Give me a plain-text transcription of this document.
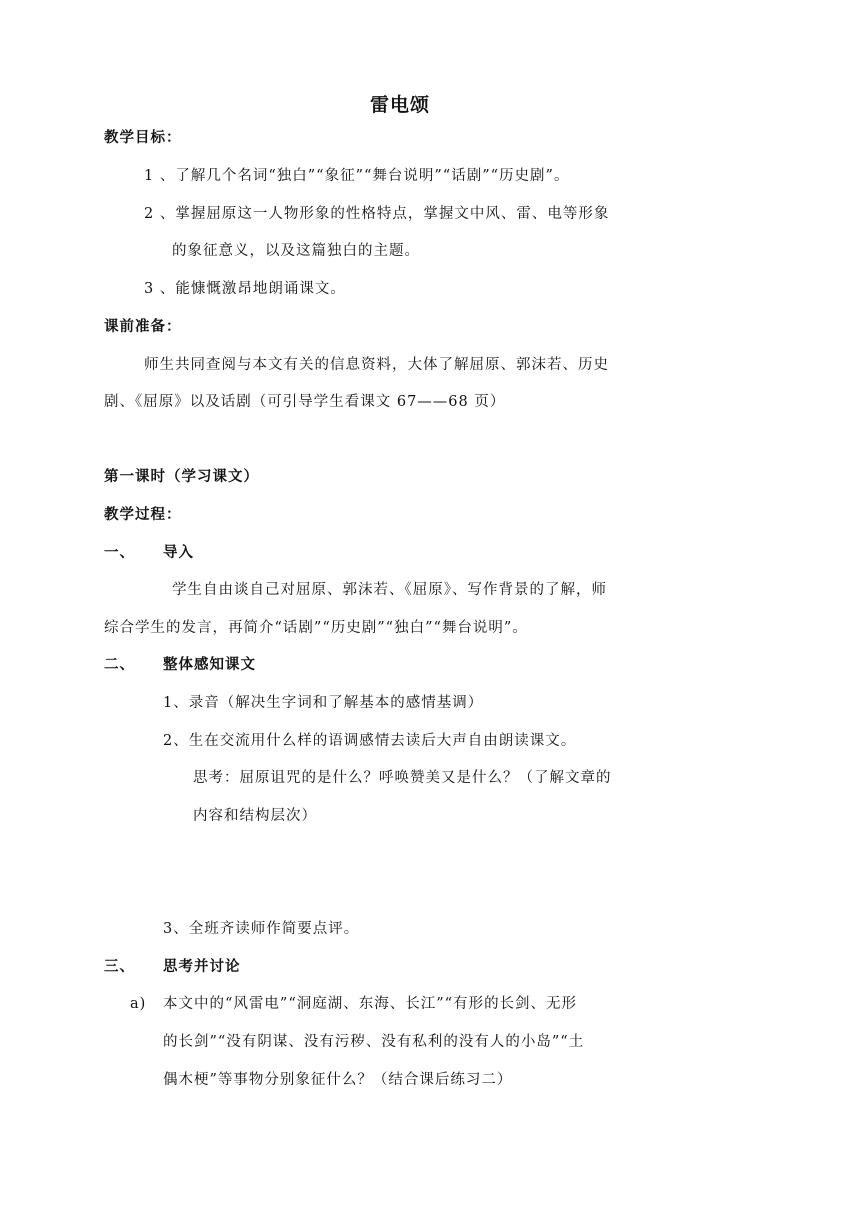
雷电颂
教学目标：
1 、了解几个名词“独白”“象征”“舞台说明”“话剧”“历史剧”。
2 、掌握屈原这一人物形象的性格特点，掌握文中风、雷、电等形象
的象征意义，以及这篇独白的主题。
3 、能慷慨激昂地朗诵课文。
课前准备：
师生共同查阅与本文有关的信息资料，大体了解屈原、郭沫若、历史
剧、《屈原》以及话剧（可引导学生看课文 67——68 页）
第一课时（学习课文）
教学过程：
一、 导入
学生自由谈自己对屈原、郭沫若、《屈原》、写作背景的了解，师
综合学生的发言，再简介“话剧”“历史剧”“独白”“舞台说明”。
二、 整体感知课文
1、录音（解决生字词和了解基本的感情基调）
2、生在交流用什么样的语调感情去读后大声自由朗读课文。
思考：屈原诅咒的是什么？呼唤赞美又是什么？（了解文章的
内容和结构层次）
3、全班齐读师作简要点评。
三、 思考并讨论
a) 本文中的“风雷电”“洞庭湖、东海、长江”“有形的长剑、无形
的长剑”“没有阴谋、没有污秽、没有私利的没有人的小岛”“土
偶木梗”等事物分别象征什么？（结合课后练习二）
